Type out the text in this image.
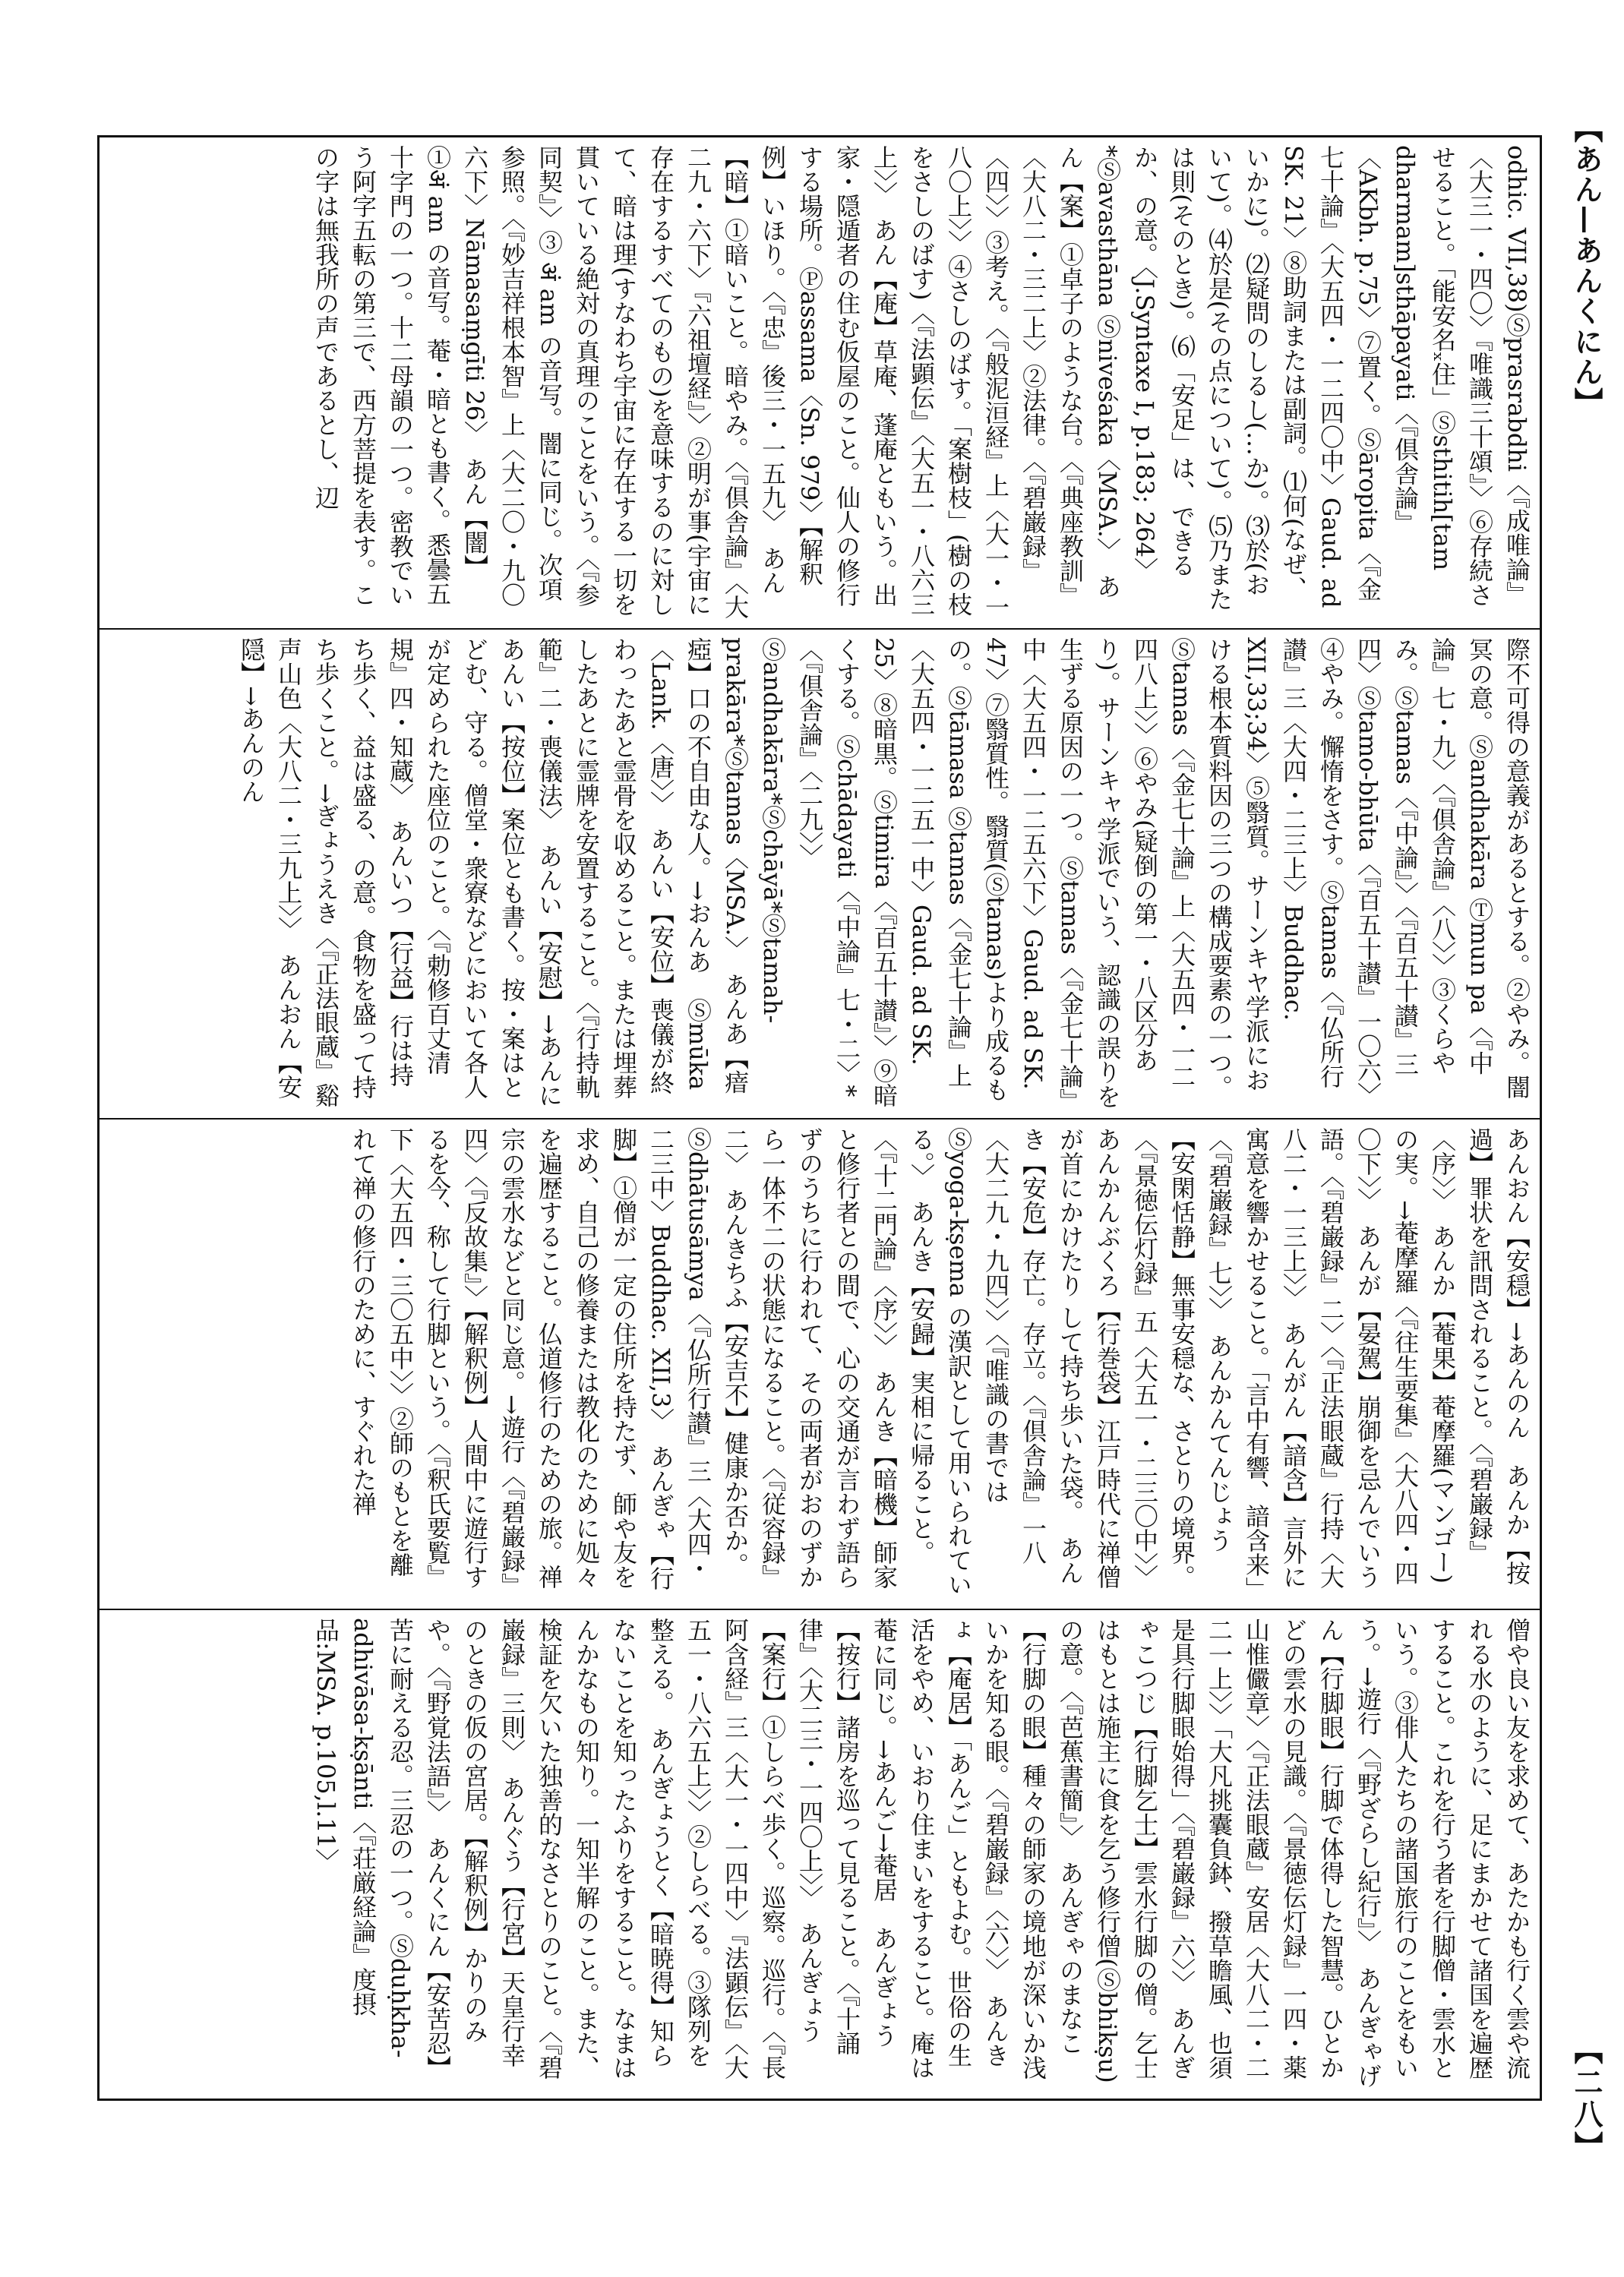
【あん—あんくにん】
odhic. VII,38)Ⓢprasrabdhi〈『成唯論』〈大三一・四〇〉『唯識三十頌』〉⑥存続させること。「能安名ₓ住」Ⓢsthitih[tam dharmam]sthāpayati〈『倶舎論』〈AKbh. p.75〉⑦置く。Ⓢāropita〈『金七十論』〈大五四・一二四〇中〉Gaud. ad SK. 21〉⑧助詞または副詞。⑴何(なぜ、いかに)。⑵疑問のしるし(…か)。⑶於(おいて)。⑷於是(その点について)。⑸乃または則(そのとき)。⑹「安足」は、できるか、の意。〈J.Syntaxe I, p.183; 264〉*Ⓢavasthāna Ⓢniveśaka〈MSA.〉　あん【案】①卓子のような台。〈『典座教訓』〈大八二・三二上〉②法律。〈『碧巌録』〈四〉〉③考え。〈『般泥洹経』上〈大一・一八〇上〉〉④さしのばす。「案樹枝」(樹の枝をさしのばす)〈『法顕伝』〈大五一・八六三上〉〉　あん【庵】草庵、蓬庵ともいう。出家・隠遁者の住む仮屋のこと。仙人の修行する場所。Ⓟassama〈Sn. 979〉【解釈例】いほり。〈『忠』後三・一五九〉　あん【暗】①暗いこと。暗やみ。〈『倶舎論』〈大二九・六下〉『六祖壇経』〉②明が事(宇宙に存在するすべてのもの)を意味するのに対して、暗は理(すなわち宇宙に存在する一切を貫いている絶対の真理のことをいう。〈『参同契』〉③ अं am の音写。闇に同じ。次項参照。〈『妙吉祥根本智』上〈大二〇・九〇六下〉Nāmasaṃgīti 26〉　あん【闇】①अं am の音写。菴・暗とも書く。悉曇五十字門の一つ。十二母韻の一つ。密教でいう阿字五転の第三で、西方菩提を表す。この字は無我所の声であるとし、辺
際不可得の意義があるとする。②やみ。闇冥の意。Ⓢandhakāra Ⓣmun pa〈『中論』七・九〉〈『倶舎論』〈八〉〉③くらやみ。Ⓢtamas〈『中論』〉〈『百五十讃』三四〉Ⓢtamo-bhūta〈『百五十讃』一〇六〉④やみ。懈惰をさす。Ⓢtamas〈『仏所行讃』三〈大四・二三上〉Buddhac. XII,33;34〉⑤翳質。サーンキヤ学派における根本質料因の三つの構成要素の一つ。Ⓢtamas〈『金七十論』上〈大五四・一二四八上〉〉⑥やみ(疑倒の第一・八区分あり)。サーンキャ学派でいう、認識の誤りを生ずる原因の一つ。Ⓢtamas〈『金七十論』中〈大五四・一二五六下〉Gaud. ad SK. 47〉⑦翳質性。翳質(Ⓢtamas)より成るもの。Ⓢtāmasa Ⓢtamas〈『金七十論』上〈大五四・一二五一中〉Gaud. ad SK. 25〉⑧暗黒。Ⓢtimira〈『百五十讃』〉⑨暗くする。Ⓢchādayati〈『中論』七・二〉*〈『倶舎論』〈二九〉〉Ⓢandhakāra*Ⓢchāyā*Ⓢtamah-prakāra*Ⓢtamas〈MSA.〉　あんあ【瘖瘂】口の不自由な人。→おんあ　Ⓢmūka〈Lank.〈唐〉〉　あんい【安位】喪儀が終わったあと霊骨を収めること。または埋葬したあとに霊牌を安置すること。〈『行持軌範』二・喪儀法〉　あんい【安慰】→あんに　あんい【按位】案位とも書く。按・案はとどむ、守る。僧堂・衆寮などにおいて各人が定められた座位のこと。〈『勅修百丈清規』四・知蔵〉　あんいつ【行益】行は持ち歩く、益は盛る、の意。食物を盛って持ち歩くこと。→ぎょうえき〈『正法眼蔵』谿声山色〈大八二・三九上〉〉　あんおん【安隠】→あんのん
あんおん【安穏】→あんのん　あんか【按過】罪状を訊問されること。〈『碧巌録』〈序〉〉　あんか【菴果】菴摩羅(マンゴー)の実。→菴摩羅〈『往生要集』〈大八四・四〇下〉〉　あんが【晏駕】崩御を忌んでいう語。〈『碧巌録』二〉〈『正法眼蔵』行持〈大八二・一三上〉〉　あんがん【諳含】言外に寓意を響かせること。「言中有響、諳含来」〈『碧巌録』七〉〉　あんかんてんじょう【安閑恬静】無事安穏な、さとりの境界。〈『景徳伝灯録』五〈大五一・二三〇中〉〉　あんかんぶくろ【行巻袋】江戸時代に禅僧が首にかけたり して持ち歩いた袋。　あんき【安危】存亡。存立。〈『倶舎論』一八〈大二九・九四〉〉〈『唯識の書では Ⓢyoga-kṣema の漢訳として用いられている。〉　あんき【安歸】実相に帰ること。〈『十二門論』〈序〉〉　あんき【暗機】師家と修行者との間で、心の交通が言わず語らずのうちに行われて、その両者がおのずから一体不二の状態になること。〈『従容録』二〉　あんきちふ【安吉不】健康か否か。Ⓢdhātusāmya〈『仏所行讃』三〈大四・二三中〉Buddhac. XII,3〉　あんぎゃ【行脚】①僧が一定の住所を持たず、師や友を求め、自己の修養または教化のために処々を遍歴すること。仏道修行のための旅。禅宗の雲水などと同じ意。→遊行〈『碧巌録』四〉〈『反故集』〉【解釈例】人間中に遊行するを今、称して行脚という。〈『釈氏要覧』下〈大五四・三〇五中〉〉②師のもとを離れて禅の修行のために、すぐれた禅
僧や良い友を求めて、あたかも行く雲や流れる水のように、足にまかせて諸国を遍歴すること。これを行う者を行脚僧・雲水という。③俳人たちの諸国旅行のことをもいう。→遊行〈『野ざらし紀行』〉　あんぎゃげん【行脚眼】行脚で体得した智慧。ひとかどの雲水の見識。〈『景徳伝灯録』一四・薬山惟儼章〉〈『正法眼蔵』安居〈大八二・二二一上〉〉「大凡挑囊負鉢、撥草瞻風、也須是具行脚眼始得」〈『碧巌録』六〉〉　あんぎゃこつじ【行脚乞士】雲水行脚の僧。乞士はもとは施主に食を乞う修行僧(Ⓢbhikṣu)の意。〈『芭蕉書簡』〉　あんぎゃのまなこ【行脚の眼】種々の師家の境地が深いか浅いかを知る眼。〈『碧巌録』〈六〉〉　あんきょ【庵居】「あんご」ともよむ。世俗の生活をやめ、いおり住まいをすること。庵は菴に同じ。→あんご→菴居　あんぎょう【按行】諸房を巡って見ること。〈『十誦律』〈大二三・一四〇上〉〉　あんぎょう【案行】①しらべ歩く。巡察。巡行。〈『長阿含経』三〈大一・一四中〉『法顕伝』〈大五一・八六五上〉〉②しらべる。③隊列を整える。　あんぎょうとく【暗暁得】知らないことを知ったふりをすること。なまはんかなもの知り。一知半解のこと。また、検証を欠いた独善的なさとりのこと。〈『碧巌録』三則〉　あんぐう【行宮】天皇行幸のときの仮の宮居。【解釈例】かりのみや。〈『野覚法語』〉　あんくにん【安苦忍】苦に耐える忍。三忍の一つ。Ⓢduḥkha-adhivāsa-kṣānti〈『荘厳経論』度摂品:MSA. p.105,l.11〉
【二八】
